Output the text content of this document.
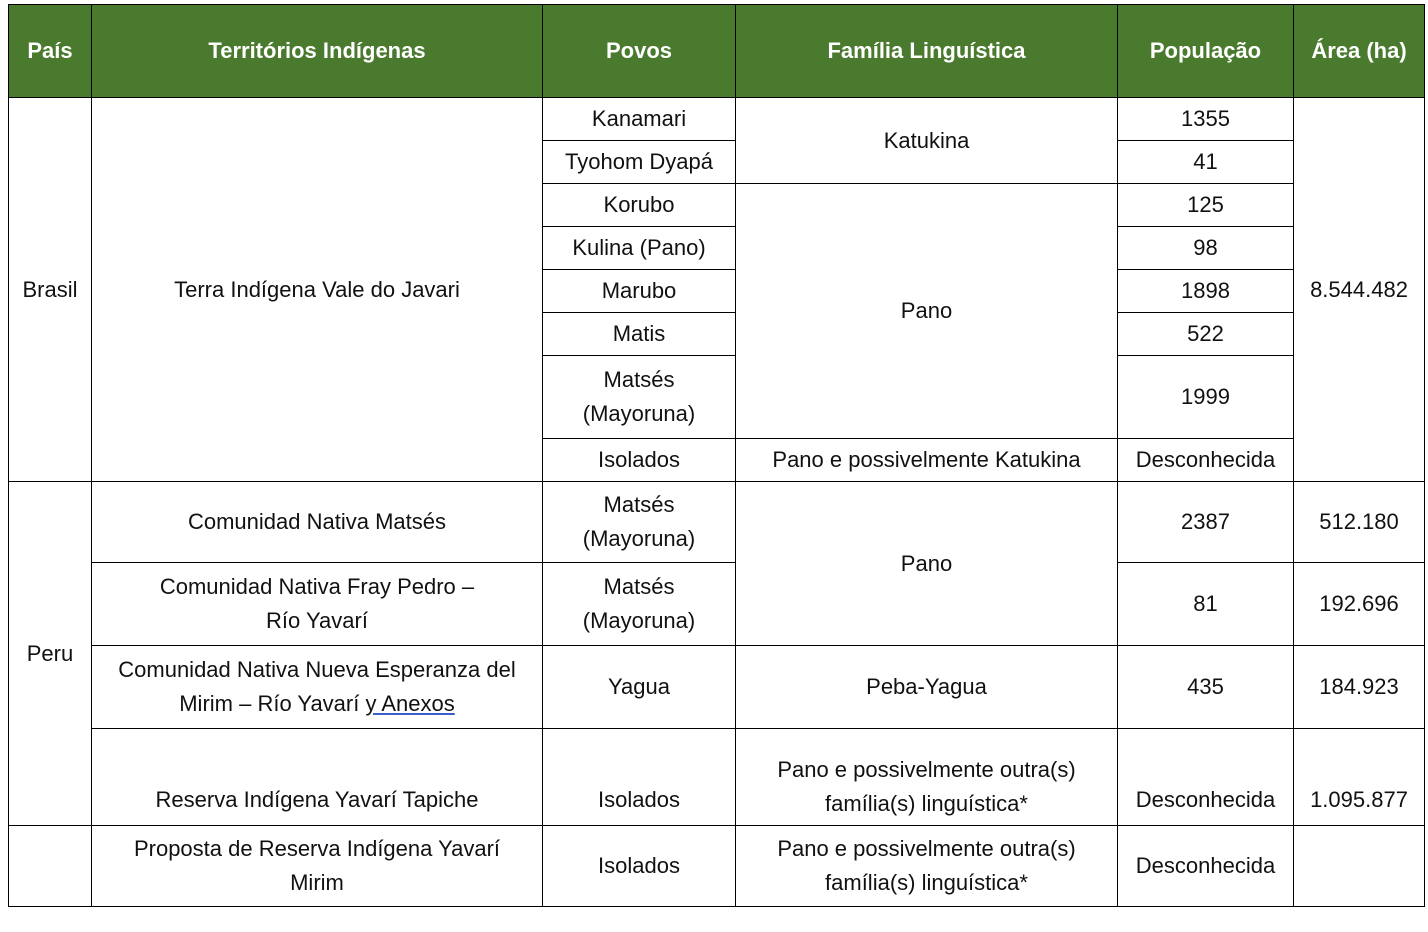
País	Territórios Indígenas	Povos	Família Linguística	População	Área (ha)
Brasil	Terra Indígena Vale do Javari	Kanamari	Katukina	1355	8.544.482
		Tyohom Dyapá		41	
		Korubo	Pano	125	
		Kulina (Pano)		98	
		Marubo		1898	
		Matis		522	
		Matsés (Mayoruna)		1999	
		Isolados	Pano e possivelmente Katukina	Desconhecida	
Peru	Comunidad Nativa Matsés	Matsés (Mayoruna)	Pano	2387	512.180
	Comunidad Nativa Fray Pedro – Río Yavarí	Matsés (Mayoruna)		81	192.696
	Comunidad Nativa Nueva Esperanza del Mirim – Río Yavarí y Anexos	Yagua	Peba-Yagua	435	184.923
	Reserva Indígena Yavarí Tapiche	Isolados	Pano e possivelmente outra(s) família(s) linguística*	Desconhecida	1.095.877
	Proposta de Reserva Indígena Yavarí Mirim	Isolados	Pano e possivelmente outra(s) família(s) linguística*	Desconhecida	
